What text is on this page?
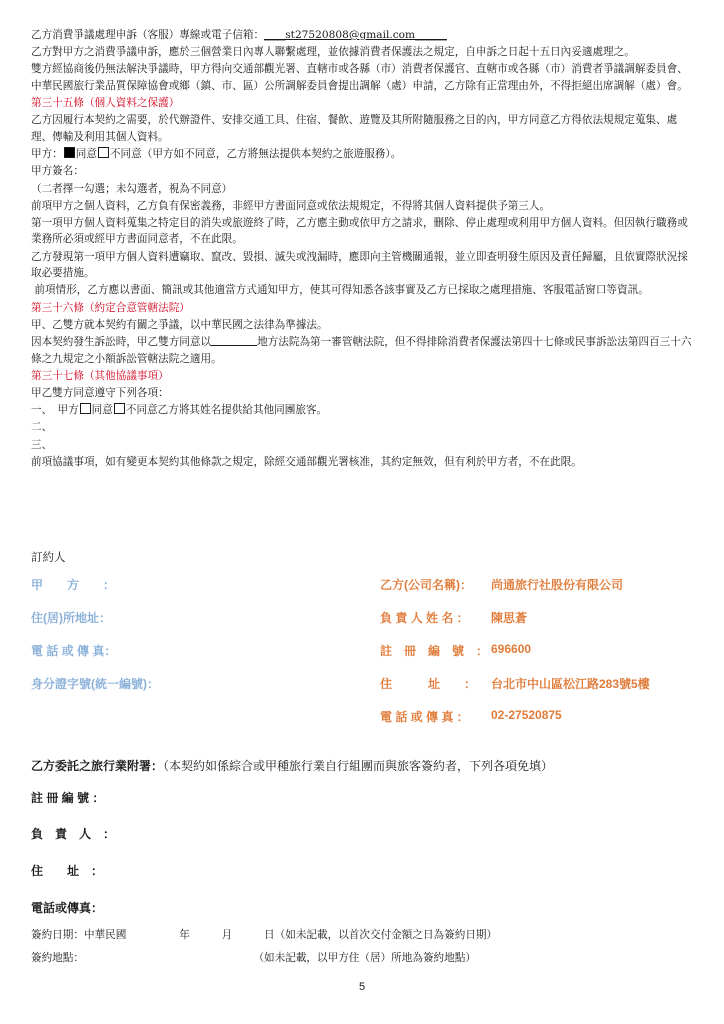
乙方消費爭議處理申訴（客服）專線或電子信箱：____st27520808@gmail.com______

乙方對甲方之消費爭議申訴，應於三個營業日內專人聯繫處理，並依據消費者保護法之規定，自申訴之日起十五日內妥適處理之。

雙方經協商後仍無法解決爭議時，甲方得向交通部觀光署、直轄市或各縣（市）消費者保護官、直轄市或各縣（市）消費者爭議調解委員會、中華民國旅行業品質保障協會或鄉（鎮、市、區）公所調解委員會提出調解（處）申請，乙方除有正當理由外，不得拒絕出席調解（處）會。

第三十五條（個人資料之保護）

乙方因履行本契約之需要，於代辦證件、安排交通工具、住宿、餐飲、遊覽及其所附隨服務之目的內，甲方同意乙方得依法規規定蒐集、處理、傳輸及利用其個人資料。

甲方： 同意 不同意（甲方如不同意，乙方將無法提供本契約之旅遊服務）。

甲方簽名：

（二者擇一勾選；未勾選者，視為不同意）

前項甲方之個人資料，乙方負有保密義務，非經甲方書面同意或依法規規定，不得將其個人資料提供予第三人。

第一項甲方個人資料蒐集之特定目的消失或旅遊終了時，乙方應主動或依甲方之請求，刪除、停止處理或利用甲方個人資料。但因執行職務或業務所必須或經甲方書面同意者，不在此限。

乙方發現第一項甲方個人資料遭竊取、竄改、毀損、滅失或洩漏時，應即向主管機關通報，並立即查明發生原因及責任歸屬，且依實際狀況採取必要措施。

前項情形，乙方應以書面、簡訊或其他適當方式通知甲方，使其可得知悉各該事實及乙方已採取之處理措施、客服電話窗口等資訊。

第三十六條（約定合意管轄法院）

甲、乙雙方就本契約有關之爭議，以中華民國之法律為準據法。

因本契約發生訴訟時，甲乙雙方同意以	地方法院為第一審管轄法院，但不得排除消費者保護法第四十七條或民事訴訟法第四百三十六條之九規定之小額訴訟管轄法院之適用。

第三十七條（其他協議事項）

甲乙雙方同意遵守下列各項：

一、　甲方 同意 不同意乙方將其姓名提供給其他同團旅客。

二、

三、

前項協議事項，如有變更本契約其他條款之規定，除經交通部觀光署核准，其約定無效，但有利於甲方者，不在此限。

訂約人
甲　　方　　：	乙方(公司名稱)： 尚通旅行社股份有限公司
住(居)所地址：	負 責 人 姓 名 ： 陳思蒼
電 話 或 傳 真：	註　冊　編　號　： 696600
身分證字號(統一編號)：	住　　　址　　： 台北市中山區松江路283號5樓
電 話 或 傳 真 ： 02-27520875
乙方委託之旅行業附署：（本契約如係綜合或甲種旅行業自行組團而與旅客簽約者，下列各項免填）
註 冊 編 號 ：
負　責　人　：
住　　址　：
電話或傳真：
簽約日期：中華民國　　　　　年　　　月　　　日（如未記載，以首次交付金額之日為簽約日期）
簽約地點：　　　　　　　　　　　　　　　　　（如未記載，以甲方住（居）所地為簽約地點）
5
